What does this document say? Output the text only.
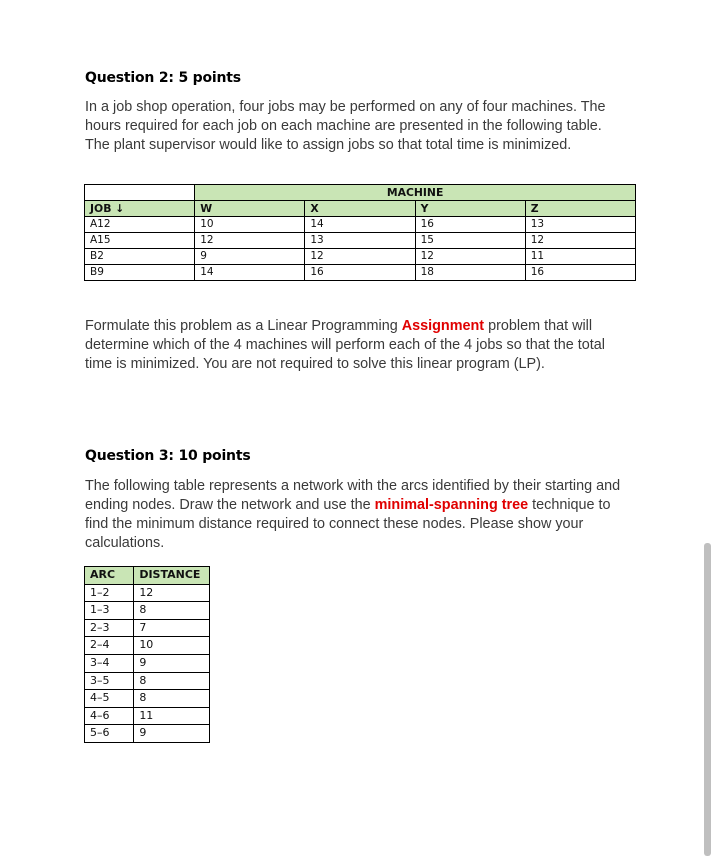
Question 2: 5 points
In a job shop operation, four jobs may be performed on any of four machines. The hours required for each job on each machine are presented in the following table. The plant supervisor would like to assign jobs so that total time is minimized.
	MACHINE			
JOB ↓	W	X	Y	Z
A12	10	14	16	13
A15	12	13	15	12
B2	9	12	12	11
B9	14	16	18	16
Formulate this problem as a Linear Programming Assignment problem that will determine which of the 4 machines will perform each of the 4 jobs so that the total time is minimized. You are not required to solve this linear program (LP).
Question 3: 10 points
The following table represents a network with the arcs identified by their starting and ending nodes. Draw the network and use the minimal-spanning tree technique to find the minimum distance required to connect these nodes. Please show your calculations.
ARC	DISTANCE
1–2	12
1–3	8
2–3	7
2–4	10
3–4	9
3–5	8
4–5	8
4–6	11
5–6	9
